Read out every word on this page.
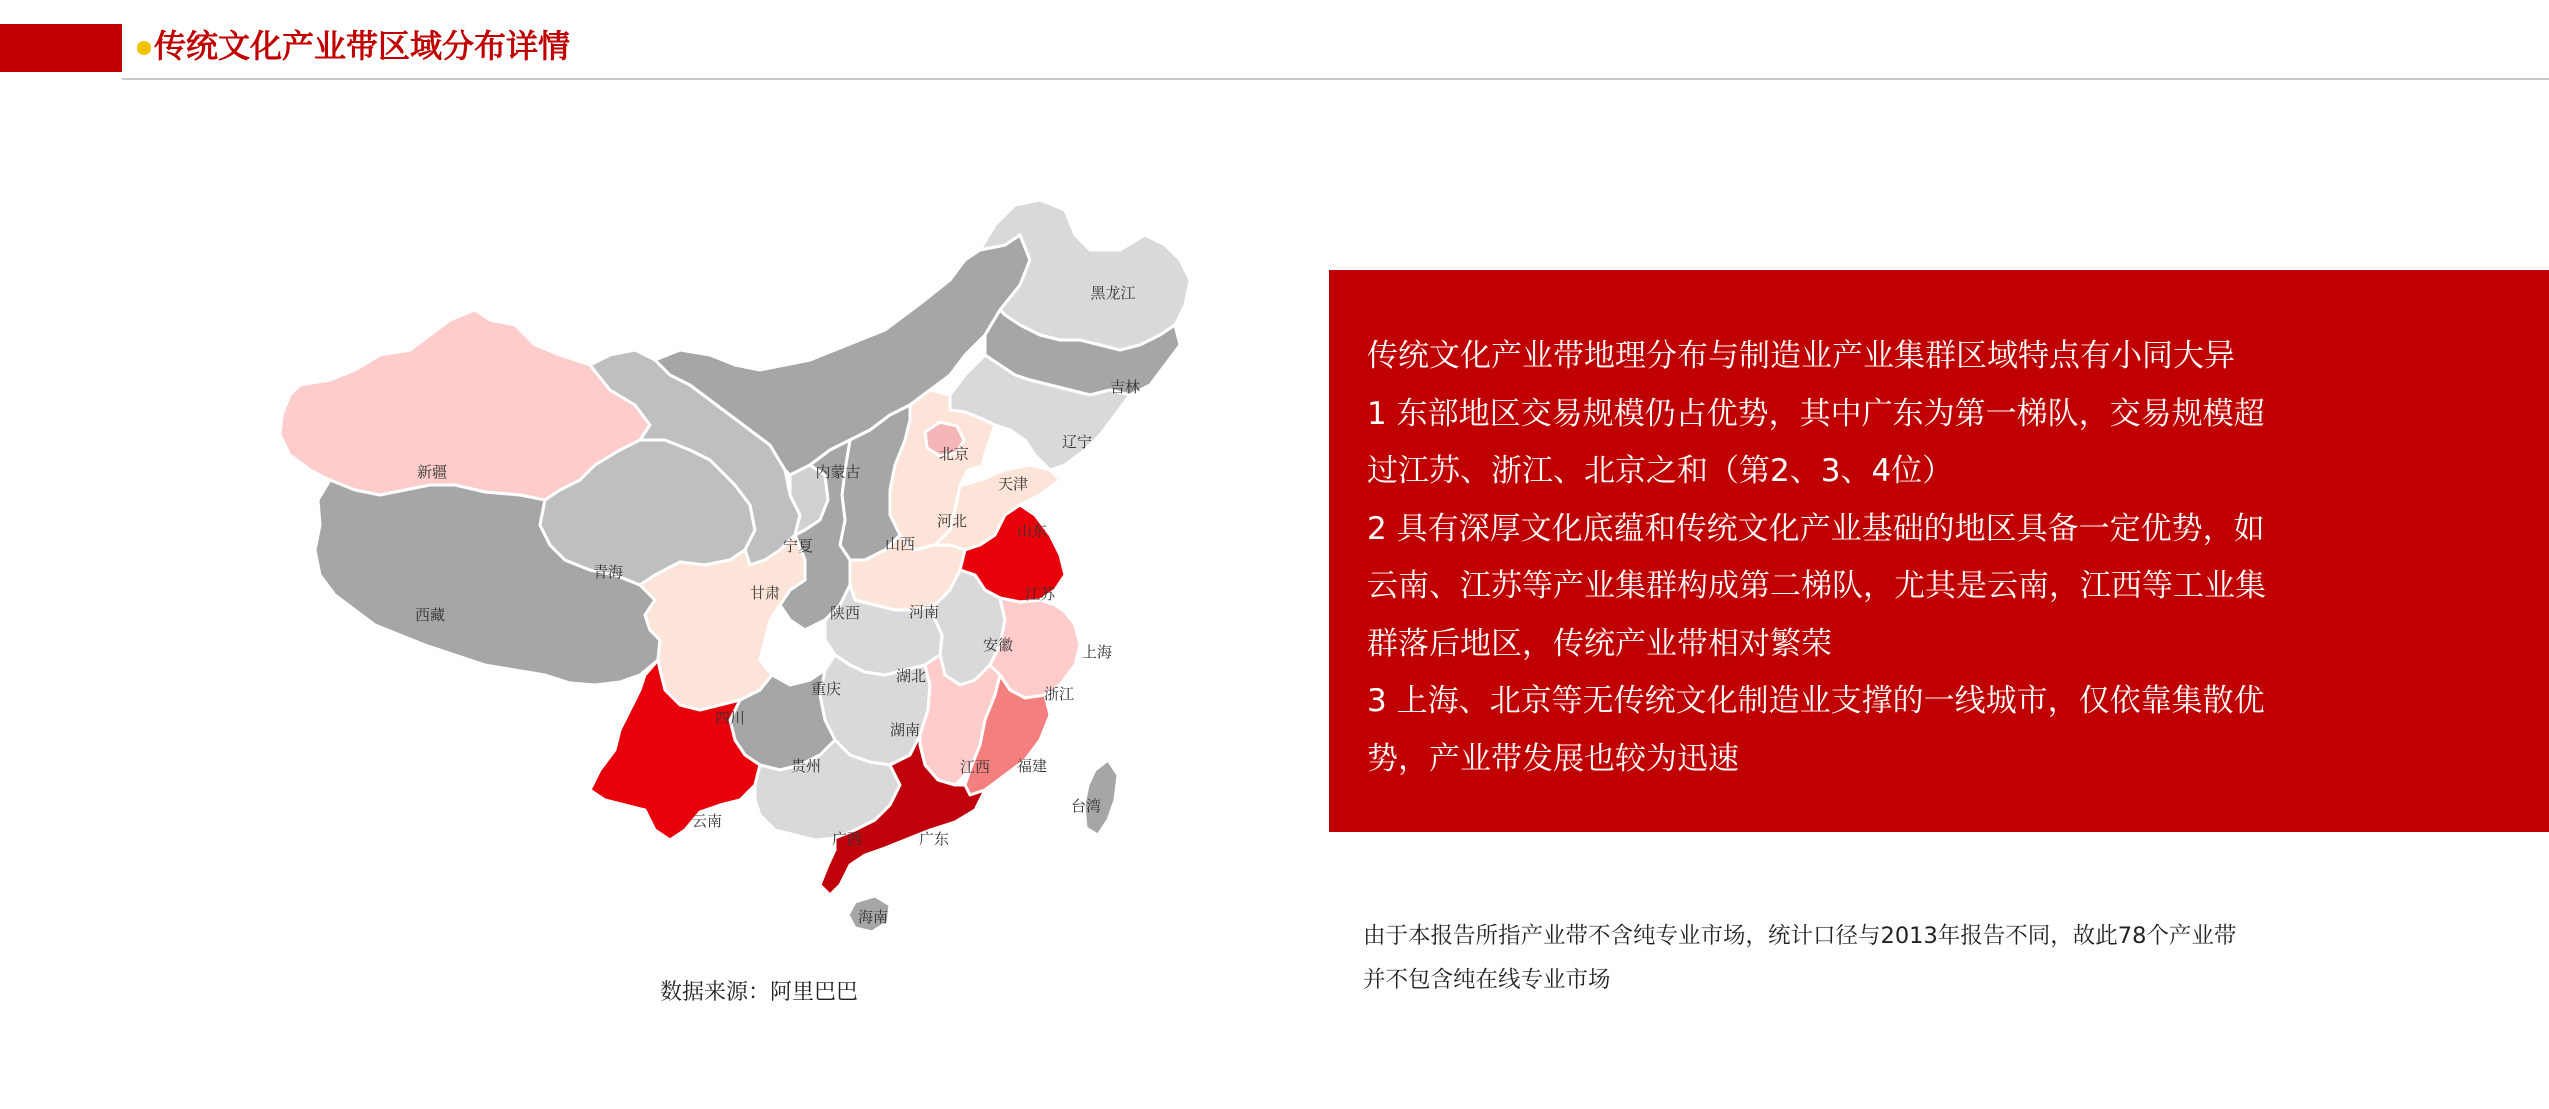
传统文化产业带区域分布详情
新疆
西藏
青海
甘肃
内蒙古
黑龙江
吉林
辽宁
北京
天津
河北
山东
山西
宁夏
陕西	河南
江苏
上海
安徽
浙江
湖北
重庆
四川
湖南
江西 福建
贵州
云南
广西	广东
台湾
海南
数据来源：阿里巴巴
传统文化产业带地理分布与制造业产业集群区域特点有小同大异
1 东部地区交易规模仍占优势，其中广东为第一梯队，交易规模超
过江苏、浙江、北京之和（第2、3、4位）
2 具有深厚文化底蕴和传统文化产业基础的地区具备一定优势，如
云南、江苏等产业集群构成第二梯队，尤其是云南，江西等工业集
群落后地区，传统产业带相对繁荣
3 上海、北京等无传统文化制造业支撑的一线城市，仅依靠集散优
势，产业带发展也较为迅速
由于本报告所指产业带不含纯专业市场，统计口径与2013年报告不同，故此78个产业带
并不包含纯在线专业市场
